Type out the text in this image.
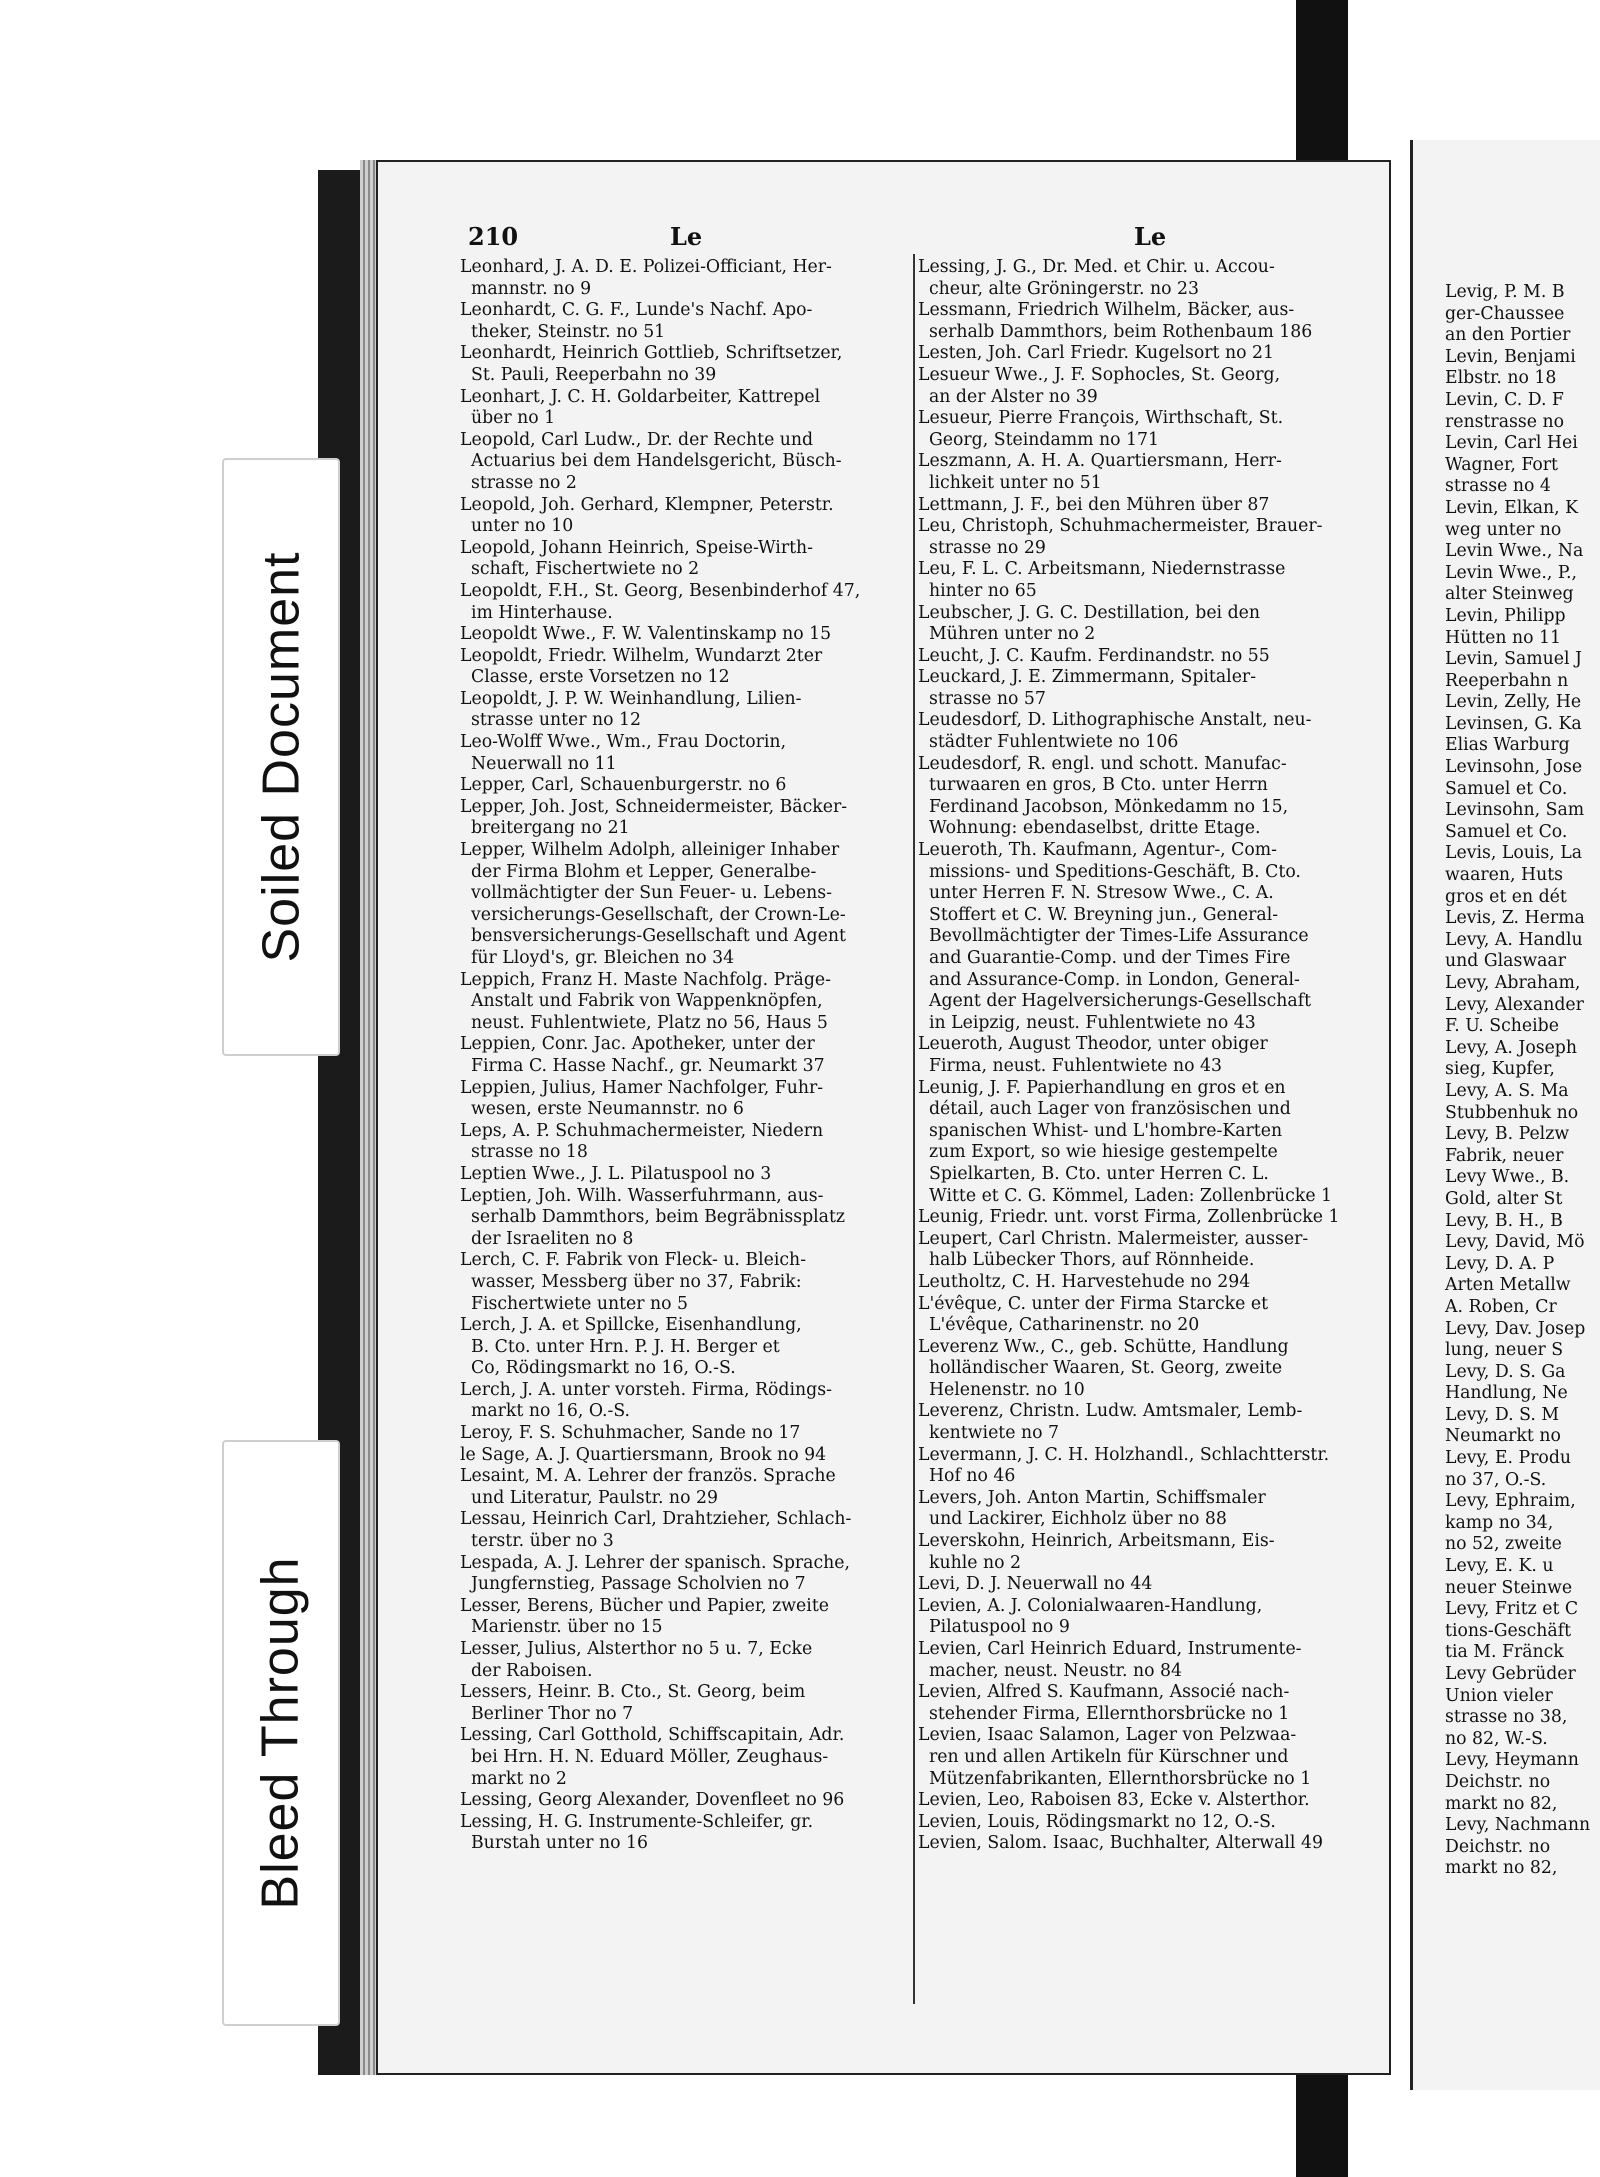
Soiled Document
Bleed Through
210	Le	Le
Leonhard, J. A. D. E. Polizei-Officiant, Her-
mannstr. no 9
Leonhardt, C. G. F., Lunde's Nachf. Apo-
theker, Steinstr. no 51
Leonhardt, Heinrich Gottlieb, Schriftsetzer,
St. Pauli, Reeperbahn no 39
Leonhart, J. C. H. Goldarbeiter, Kattrepel
über no 1
Leopold, Carl Ludw., Dr. der Rechte und
Actuarius bei dem Handelsgericht, Büsch-
strasse no 2
Leopold, Joh. Gerhard, Klempner, Peterstr.
unter no 10
Leopold, Johann Heinrich, Speise-Wirth-
schaft, Fischertwiete no 2
Leopoldt, F.H., St. Georg, Besenbinderhof 47,
im Hinterhause.
Leopoldt Wwe., F. W. Valentinskamp no 15
Leopoldt, Friedr. Wilhelm, Wundarzt 2ter
Classe, erste Vorsetzen no 12
Leopoldt, J. P. W. Weinhandlung, Lilien-
strasse unter no 12
Leo-Wolff Wwe., Wm., Frau Doctorin,
Neuerwall no 11
Lepper, Carl, Schauenburgerstr. no 6
Lepper, Joh. Jost, Schneidermeister, Bäcker-
breitergang no 21
Lepper, Wilhelm Adolph, alleiniger Inhaber
der Firma Blohm et Lepper, Generalbe-
vollmächtigter der Sun Feuer- u. Lebens-
versicherungs-Gesellschaft, der Crown-Le-
bensversicherungs-Gesellschaft und Agent
für Lloyd's, gr. Bleichen no 34
Leppich, Franz H. Maste Nachfolg. Präge-
Anstalt und Fabrik von Wappenknöpfen,
neust. Fuhlentwiete, Platz no 56, Haus 5
Leppien, Conr. Jac. Apotheker, unter der
Firma C. Hasse Nachf., gr. Neumarkt 37
Leppien, Julius, Hamer Nachfolger, Fuhr-
wesen, erste Neumannstr. no 6
Leps, A. P. Schuhmachermeister, Niedern
strasse no 18
Leptien Wwe., J. L. Pilatuspool no 3
Leptien, Joh. Wilh. Wasserfuhrmann, aus-
serhalb Dammthors, beim Begräbnissplatz
der Israeliten no 8
Lerch, C. F. Fabrik von Fleck- u. Bleich-
wasser, Messberg über no 37, Fabrik:
Fischertwiete unter no 5
Lerch, J. A. et Spillcke, Eisenhandlung,
B. Cto. unter Hrn. P. J. H. Berger et
Co, Rödingsmarkt no 16, O.-S.
Lerch, J. A. unter vorsteh. Firma, Rödings-
markt no 16, O.-S.
Leroy, F. S. Schuhmacher, Sande no 17
le Sage, A. J. Quartiersmann, Brook no 94
Lesaint, M. A. Lehrer der französ. Sprache
und Literatur, Paulstr. no 29
Lessau, Heinrich Carl, Drahtzieher, Schlach-
terstr. über no 3
Lespada, A. J. Lehrer der spanisch. Sprache,
Jungfernstieg, Passage Scholvien no 7
Lesser, Berens, Bücher und Papier, zweite
Marienstr. über no 15
Lesser, Julius, Alsterthor no 5 u. 7, Ecke
der Raboisen.
Lessers, Heinr. B. Cto., St. Georg, beim
Berliner Thor no 7
Lessing, Carl Gotthold, Schiffscapitain, Adr.
bei Hrn. H. N. Eduard Möller, Zeughaus-
markt no 2
Lessing, Georg Alexander, Dovenfleet no 96
Lessing, H. G. Instrumente-Schleifer, gr.
Burstah unter no 16
Lessing, J. G., Dr. Med. et Chir. u. Accou-
cheur, alte Gröningerstr. no 23
Lessmann, Friedrich Wilhelm, Bäcker, aus-
serhalb Dammthors, beim Rothenbaum 186
Lesten, Joh. Carl Friedr. Kugelsort no 21
Lesueur Wwe., J. F. Sophocles, St. Georg,
an der Alster no 39
Lesueur, Pierre François, Wirthschaft, St.
Georg, Steindamm no 171
Leszmann, A. H. A. Quartiersmann, Herr-
lichkeit unter no 51
Lettmann, J. F., bei den Mühren über 87
Leu, Christoph, Schuhmachermeister, Brauer-
strasse no 29
Leu, F. L. C. Arbeitsmann, Niedernstrasse
hinter no 65
Leubscher, J. G. C. Destillation, bei den
Mühren unter no 2
Leucht, J. C. Kaufm. Ferdinandstr. no 55
Leuckard, J. E. Zimmermann, Spitaler-
strasse no 57
Leudesdorf, D. Lithographische Anstalt, neu-
städter Fuhlentwiete no 106
Leudesdorf, R. engl. und schott. Manufac-
turwaaren en gros, B Cto. unter Herrn
Ferdinand Jacobson, Mönkedamm no 15,
Wohnung: ebendaselbst, dritte Etage.
Leueroth, Th. Kaufmann, Agentur-, Com-
missions- und Speditions-Geschäft, B. Cto.
unter Herren F. N. Stresow Wwe., C. A.
Stoffert et C. W. Breyning jun., General-
Bevollmächtigter der Times-Life Assurance
and Guarantie-Comp. und der Times Fire
and Assurance-Comp. in London, General-
Agent der Hagelversicherungs-Gesellschaft
in Leipzig, neust. Fuhlentwiete no 43
Leueroth, August Theodor, unter obiger
Firma, neust. Fuhlentwiete no 43
Leunig, J. F. Papierhandlung en gros et en
détail, auch Lager von französischen und
spanischen Whist- und L'hombre-Karten
zum Export, so wie hiesige gestempelte
Spielkarten, B. Cto. unter Herren C. L.
Witte et C. G. Kömmel, Laden: Zollenbrücke 1
Leunig, Friedr. unt. vorst Firma, Zollenbrücke 1
Leupert, Carl Christn. Malermeister, ausser-
halb Lübecker Thors, auf Rönnheide.
Leutholtz, C. H. Harvestehude no 294
L'évêque, C. unter der Firma Starcke et
L'évêque, Catharinenstr. no 20
Leverenz Ww., C., geb. Schütte, Handlung
holländischer Waaren, St. Georg, zweite
Helenenstr. no 10
Leverenz, Christn. Ludw. Amtsmaler, Lemb-
kentwiete no 7
Levermann, J. C. H. Holzhandl., Schlachtterstr.
Hof no 46
Levers, Joh. Anton Martin, Schiffsmaler
und Lackirer, Eichholz über no 88
Leverskohn, Heinrich, Arbeitsmann, Eis-
kuhle no 2
Levi, D. J. Neuerwall no 44
Levien, A. J. Colonialwaaren-Handlung,
Pilatuspool no 9
Levien, Carl Heinrich Eduard, Instrumente-
macher, neust. Neustr. no 84
Levien, Alfred S. Kaufmann, Associé nach-
stehender Firma, Ellernthorsbrücke no 1
Levien, Isaac Salamon, Lager von Pelzwaa-
ren und allen Artikeln für Kürschner und
Mützenfabrikanten, Ellernthorsbrücke no 1
Levien, Leo, Raboisen 83, Ecke v. Alsterthor.
Levien, Louis, Rödingsmarkt no 12, O.-S.
Levien, Salom. Isaac, Buchhalter, Alterwall 49
Levig, P. M. B
ger-Chaussee
an den Portier
Levin, Benjami
Elbstr. no 18
Levin, C. D. F
renstrasse no
Levin, Carl Hei
Wagner, Fort
strasse no 4
Levin, Elkan, K
weg unter no
Levin Wwe., Na
Levin Wwe., P.,
alter Steinweg
Levin, Philipp
Hütten no 11
Levin, Samuel J
Reeperbahn n
Levin, Zelly, He
Levinsen, G. Ka
Elias Warburg
Levinsohn, Jose
Samuel et Co.
Levinsohn, Sam
Samuel et Co.
Levis, Louis, La
waaren, Huts
gros et en dét
Levis, Z. Herma
Levy, A. Handlu
und Glaswaar
Levy, Abraham,
Levy, Alexander
F. U. Scheibe
Levy, A. Joseph
sieg, Kupfer,
Levy, A. S. Ma
Stubbenhuk no
Levy, B. Pelzw
Fabrik, neuer
Levy Wwe., B.
Gold, alter St
Levy, B. H., B
Levy, David, Mö
Levy, D. A. P
Arten Metallw
A. Roben, Cr
Levy, Dav. Josep
lung, neuer S
Levy, D. S. Ga
Handlung, Ne
Levy, D. S. M
Neumarkt no
Levy, E. Produ
no 37, O.-S.
Levy, Ephraim,
kamp no 34,
no 52, zweite
Levy, E. K. u
neuer Steinwe
Levy, Fritz et C
tions-Geschäft
tia M. Fränck
Levy Gebrüder
Union vieler
strasse no 38,
no 82, W.-S.
Levy, Heymann
Deichstr. no
markt no 82,
Levy, Nachmann
Deichstr. no
markt no 82,
